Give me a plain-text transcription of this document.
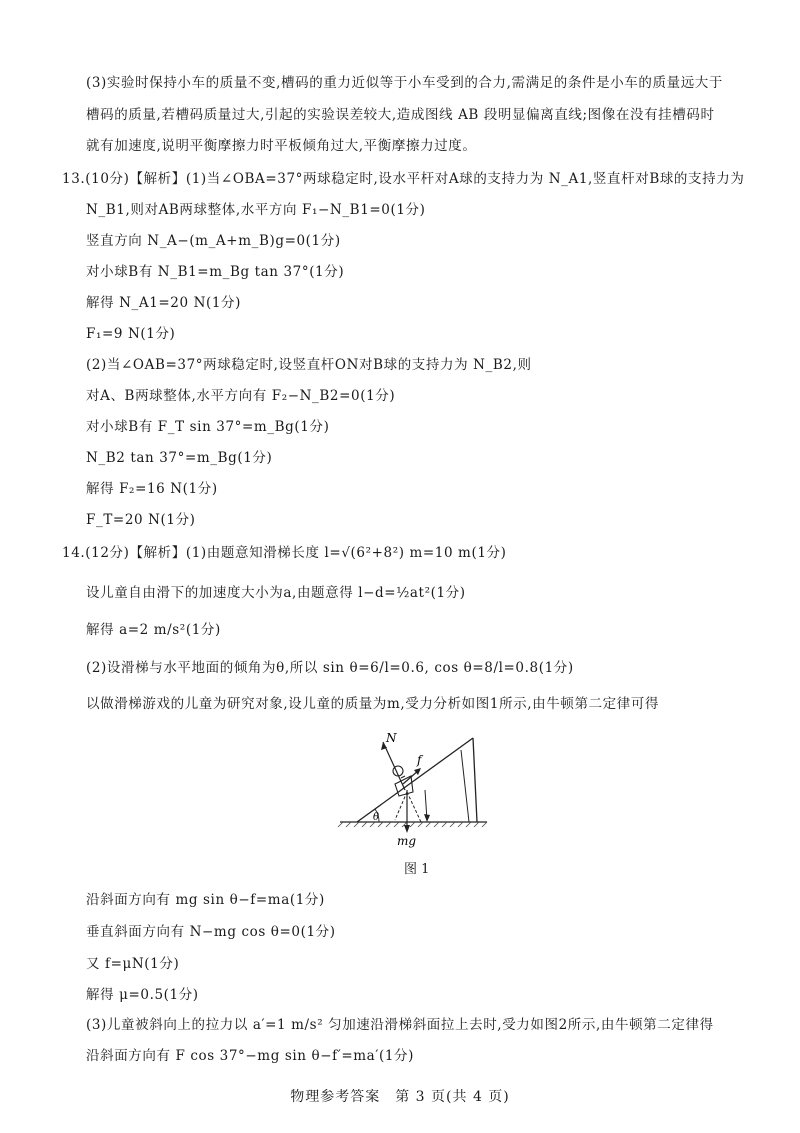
(3)实验时保持小车的质量不变,槽码的重力近似等于小车受到的合力,需满足的条件是小车的质量远大于
槽码的质量,若槽码质量过大,引起的实验误差较大,造成图线 AB 段明显偏离直线;图像在没有挂槽码时
就有加速度,说明平衡摩擦力时平板倾角过大,平衡摩擦力过度。
13.(10分)【解析】(1)当∠OBA=37°两球稳定时,设水平杆对A球的支持力为 N_A1,竖直杆对B球的支持力为
N_B1,则对AB两球整体,水平方向 F₁−N_B1=0(1分)
竖直方向 N_A−(m_A+m_B)g=0(1分)
对小球B有 N_B1=m_Bg tan 37°(1分)
解得 N_A1=20 N(1分)
F₁=9 N(1分)
(2)当∠OAB=37°两球稳定时,设竖直杆ON对B球的支持力为 N_B2,则
对A、B两球整体,水平方向有 F₂−N_B2=0(1分)
对小球B有 F_T sin 37°=m_Bg(1分)
N_B2 tan 37°=m_Bg(1分)
解得 F₂=16 N(1分)
F_T=20 N(1分)
14.(12分)【解析】(1)由题意知滑梯长度 l=√(6²+8²) m=10 m(1分)
设儿童自由滑下的加速度大小为a,由题意得 l−d=½at²(1分)
解得 a=2 m/s²(1分)
(2)设滑梯与水平地面的倾角为θ,所以 sin θ=6/l=0.6, cos θ=8/l=0.8(1分)
以做滑梯游戏的儿童为研究对象,设儿童的质量为m,受力分析如图1所示,由牛顿第二定律可得
N
f
θ
mg
图 1
沿斜面方向有 mg sin θ−f=ma(1分)
垂直斜面方向有 N−mg cos θ=0(1分)
又 f=μN(1分)
解得 μ=0.5(1分)
(3)儿童被斜向上的拉力以 a′=1 m/s² 匀加速沿滑梯斜面拉上去时,受力如图2所示,由牛顿第二定律得
沿斜面方向有 F cos 37°−mg sin θ−f′=ma′(1分)
物理参考答案　第 3 页(共 4 页)
